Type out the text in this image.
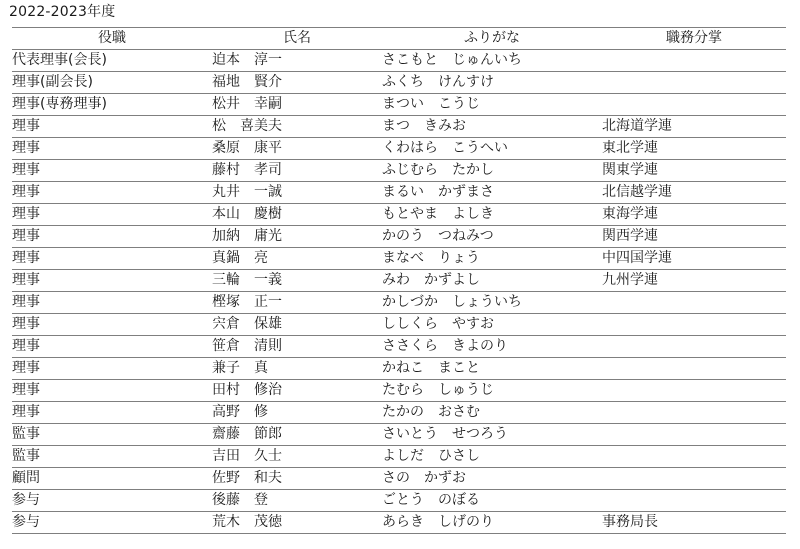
2022-2023年度
役職	氏名	ふりがな	職務分掌
代表理事(会長)	迫本　淳一	さこもと　じゅんいち	
理事(副会長)	福地　賢介	ふくち　けんすけ	
理事(専務理事)	松井　幸嗣	まつい　こうじ	
理事	松　喜美夫	まつ　きみお	北海道学連
理事	桑原　康平	くわはら　こうへい	東北学連
理事	藤村　孝司	ふじむら　たかし	関東学連
理事	丸井　一誠	まるい　かずまさ	北信越学連
理事	本山　慶樹	もとやま　よしき	東海学連
理事	加納　庸光	かのう　つねみつ	関西学連
理事	真鍋　亮	まなべ　りょう	中四国学連
理事	三輪　一義	みわ　かずよし	九州学連
理事	樫塚　正一	かしづか　しょういち	
理事	宍倉　保雄	ししくら　やすお	
理事	笹倉　清則	ささくら　きよのり	
理事	兼子　真	かねこ　まこと	
理事	田村　修治	たむら　しゅうじ	
理事	高野　修	たかの　おさむ	
監事	齋藤　節郎	さいとう　せつろう	
監事	吉田　久士	よしだ　ひさし	
顧問	佐野　和夫	さの　かずお	
参与	後藤　登	ごとう　のぼる	
参与	荒木　茂徳	あらき　しげのり	事務局長
